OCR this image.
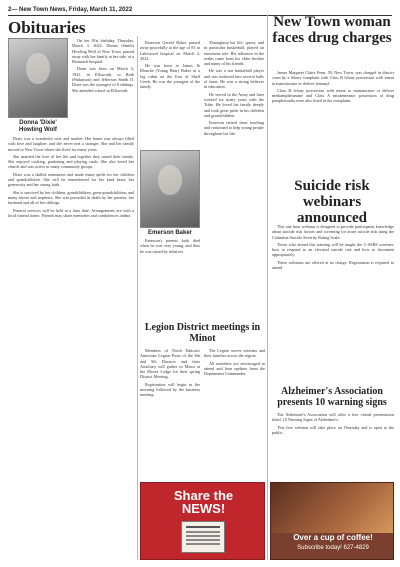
2— New Town News, Friday, March 11, 2022
Obituaries
Donna 'Dixie'
Howling Wolf

On her 81st birthday, Thursday, March 3, 2022, Donna (Smith) Howling Wolf of New Town, passed away with her family at her side, at a Bismarck hospital.

Donn was born on March 3, 1941, in Ellsworth, to Ruth (Parkinson) and Jefferson Smith II. Dixie was the youngest of 8 siblings. She attended school in Ellsworth.

Dixie was a wonderful wife and mother. Her home was always filled with love and laughter, and she never met a stranger. She and her family moved to New Town where she lived for many years.

She married the love of her life and together they raised their family. She enjoyed cooking, gardening and playing cards. She also loved her church and was active in many community groups.

Dixie was a skilled seamstress and made many quilts for her children and grandchildren. She will be remembered for her kind heart, her generosity and her strong faith.

She is survived by her children, grandchildren, great-grandchildren, and many nieces and nephews. She was preceded in death by her parents, her husband and all of her siblings.

Funeral services will be held at a later date. Arrangements are with a local funeral home. Friends may share memories and condolences online.

Emerson Gerald Baker passed away peacefully at the age of 83 in Lakewood hospital on March 2, 2022.

He was born to James & Blanche (Young Bear) Baker in a log cabin on the East of Shell Creek. He was the youngest of the family.

Emerson Baker

Emerson's parents both died when he was very young, and thus he was raised by relatives.

Throughout his life, sports, and in particular basketball, played an enormous role. His influence in the realm came from his older brother and many of his friends.

He was a star basketball player and was inducted into several halls of fame. He was a strong believer in education.

He served in the Army and later worked for many years with the Tribe. He loved his family deeply and took great pride in his children and grandchildren.

Emerson retired from teaching and continued to help young people throughout his life.

Legion District meetings in Minot

Members of North Dakota's American Legion Posts of the 6th and 9th Districts and their Auxiliary will gather in Minot at the Moose Lodge for their spring District Meeting.

Registration will begin in the morning followed by the business meeting.

The Legion serves veterans and their families across the region.

All members are encouraged to attend and hear updates from the Department Commander.

New Town woman faces drug charges

James Margaret Claire Fenn, 59, New Town, was charged in district court by a felony complaint with Class B felony possession with intent to manufacture or deliver fentanyl.

Class B felony possession with intent to manufacture or deliver methamphetamine and Class A misdemeanor possession of drug paraphernalia were also listed in the complaint.

Suicide risk webinars announced

This one hour webinar is designed to provide participants knowledge about suicide risk factors and screening for acute suicide risk using the Columbia Suicide Severity Rating Scale.

Those who attend this training will be taught the C-SSRS screener, how to respond to an elevated suicide risk and how to document appropriately.

These webinars are offered at no charge. Registration is required to attend.

Alzheimer's Association presents 10 warning signs

The Alzheimer's Association will offer a free virtual presentation titled, 10 Warning Signs of Alzheimer's.

This free webinar will take place on Thursday and is open to the public.

Share the
NEWS!
Over a cup of coffee!
Subscribe today! 627-4829
